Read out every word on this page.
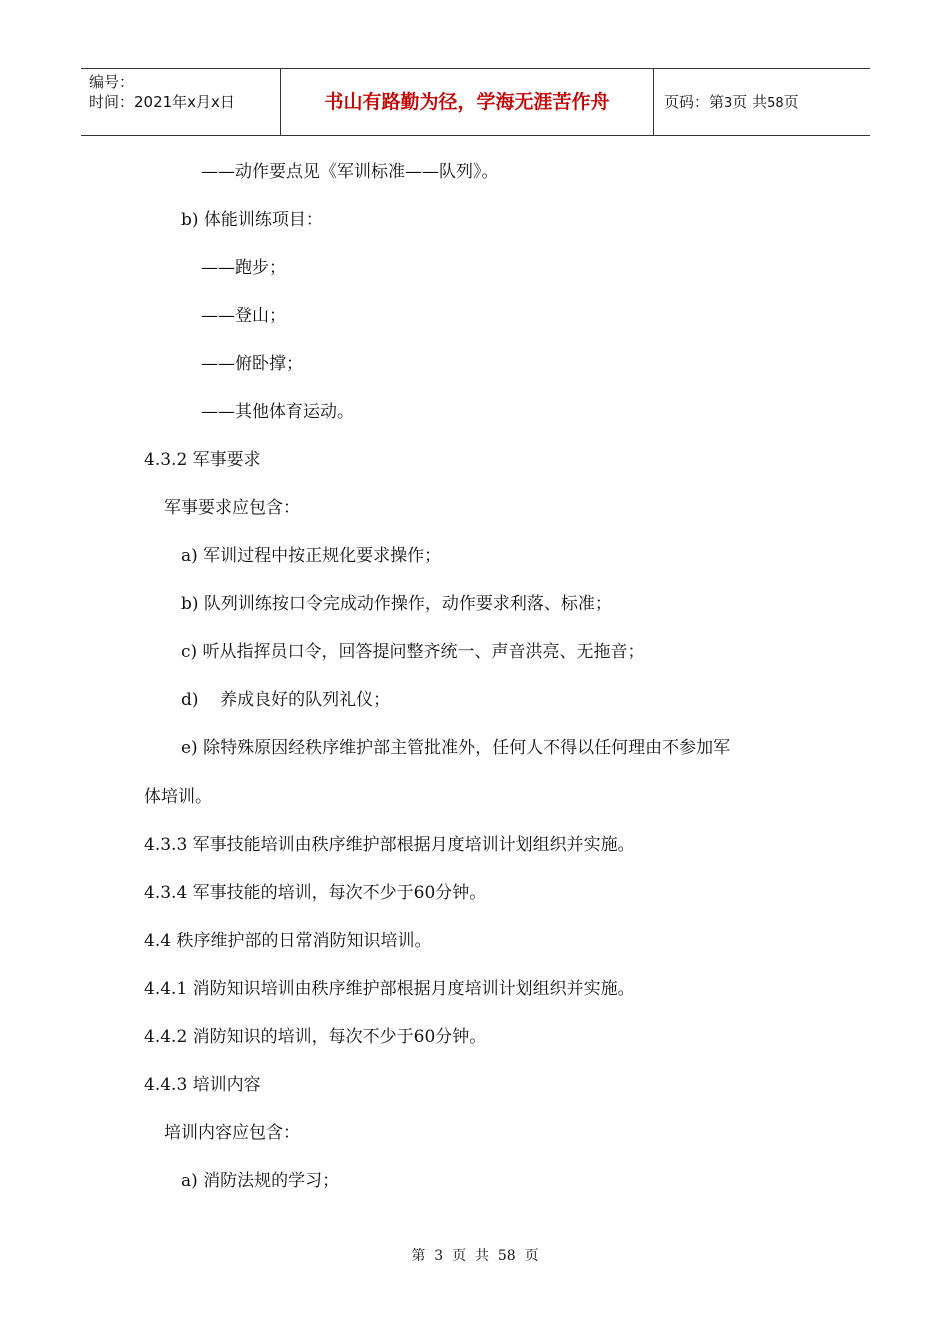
编号：
时间：2021年x月x日	书山有路勤为径，学海无涯苦作舟	页码：第3页 共58页
——动作要点见《军训标准——队列》。
b) 体能训练项目：
——跑步；
——登山；
——俯卧撑；
——其他体育运动。
4.3.2 军事要求
军事要求应包含：
a) 军训过程中按正规化要求操作；
b) 队列训练按口令完成动作操作，动作要求利落、标准；
c) 听从指挥员口令，回答提问整齐统一、声音洪亮、无拖音；
d)    养成良好的队列礼仪；
e) 除特殊原因经秩序维护部主管批准外，任何人不得以任何理由不参加军
体培训。
4.3.3 军事技能培训由秩序维护部根据月度培训计划组织并实施。
4.3.4 军事技能的培训，每次不少于60分钟。
4.4 秩序维护部的日常消防知识培训。
4.4.1 消防知识培训由秩序维护部根据月度培训计划组织并实施。
4.4.2 消防知识的培训，每次不少于60分钟。
4.4.3 培训内容
培训内容应包含：
a) 消防法规的学习；
第  3  页  共  58  页
